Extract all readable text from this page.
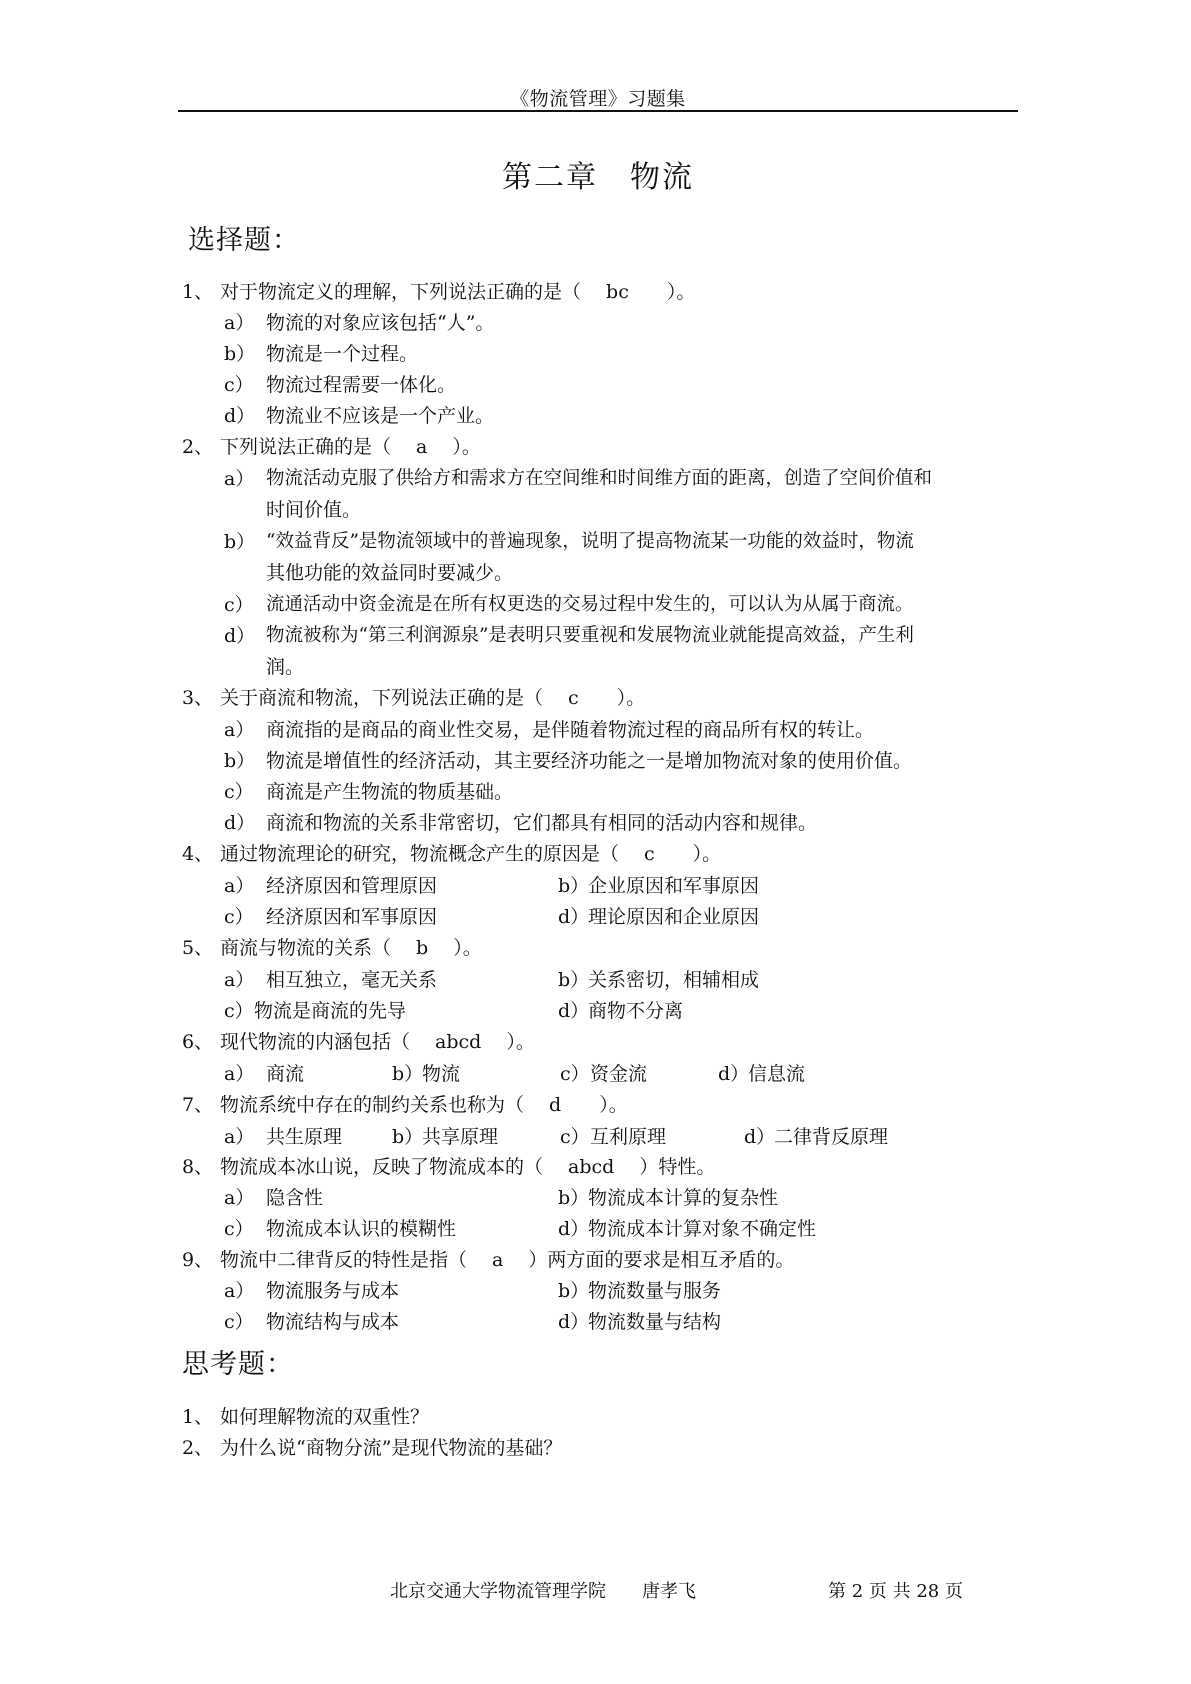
《物流管理》习题集
第二章　物流
选择题：
1、 对于物流定义的理解，下列说法正确的是（　 bc　　）。
a） 物流的对象应该包括“人”。
b） 物流是一个过程。
c） 物流过程需要一体化。
d） 物流业不应该是一个产业。
2、 下列说法正确的是（　 a　 ）。
a） 物流活动克服了供给方和需求方在空间维和时间维方面的距离，创造了空间价值和
时间价值。
b） “效益背反”是物流领域中的普遍现象，说明了提高物流某一功能的效益时，物流
其他功能的效益同时要减少。
c） 流通活动中资金流是在所有权更迭的交易过程中发生的，可以认为从属于商流。
d） 物流被称为“第三利润源泉”是表明只要重视和发展物流业就能提高效益，产生利
润。
3、 关于商流和物流，下列说法正确的是（　 c　　）。
a） 商流指的是商品的商业性交易，是伴随着物流过程的商品所有权的转让。
b） 物流是增值性的经济活动，其主要经济功能之一是增加物流对象的使用价值。
c） 商流是产生物流的物质基础。
d） 商流和物流的关系非常密切，它们都具有相同的活动内容和规律。
4、 通过物流理论的研究，物流概念产生的原因是（　 c　　）。
a） 经济原因和管理原因	b）
企业原因和军事原因
c） 经济原因和军事原因	d）
理论原因和企业原因
5、 商流与物流的关系（　 b　 ）。
a） 相互独立，毫无关系	b）
关系密切，相辅相成
c） 物流是商流的先导	d）
商物不分离
6、 现代物流的内涵包括（　 abcd　 ）。
a） 商流	b）
物流	c） 资金流	d）
信息流
7、 物流系统中存在的制约关系也称为（　 d　　）。
a） 共生原理	b）
共享原理	c） 互利原理	d）
二律背反原理
8、 物流成本冰山说，反映了物流成本的（　 abcd　 ）特性。
a） 隐含性	b）
物流成本计算的复杂性
c） 物流成本认识的模糊性	d）
物流成本计算对象不确定性
9、 物流中二律背反的特性是指（　 a　 ）两方面的要求是相互矛盾的。
a） 物流服务与成本	b）
物流数量与服务
c） 物流结构与成本	d）
物流数量与结构
思考题：
1、 如何理解物流的双重性？
2、 为什么说“商物分流”是现代物流的基础？
北京交通大学物流管理学院 唐孝飞	第 2 页 共 28 页
